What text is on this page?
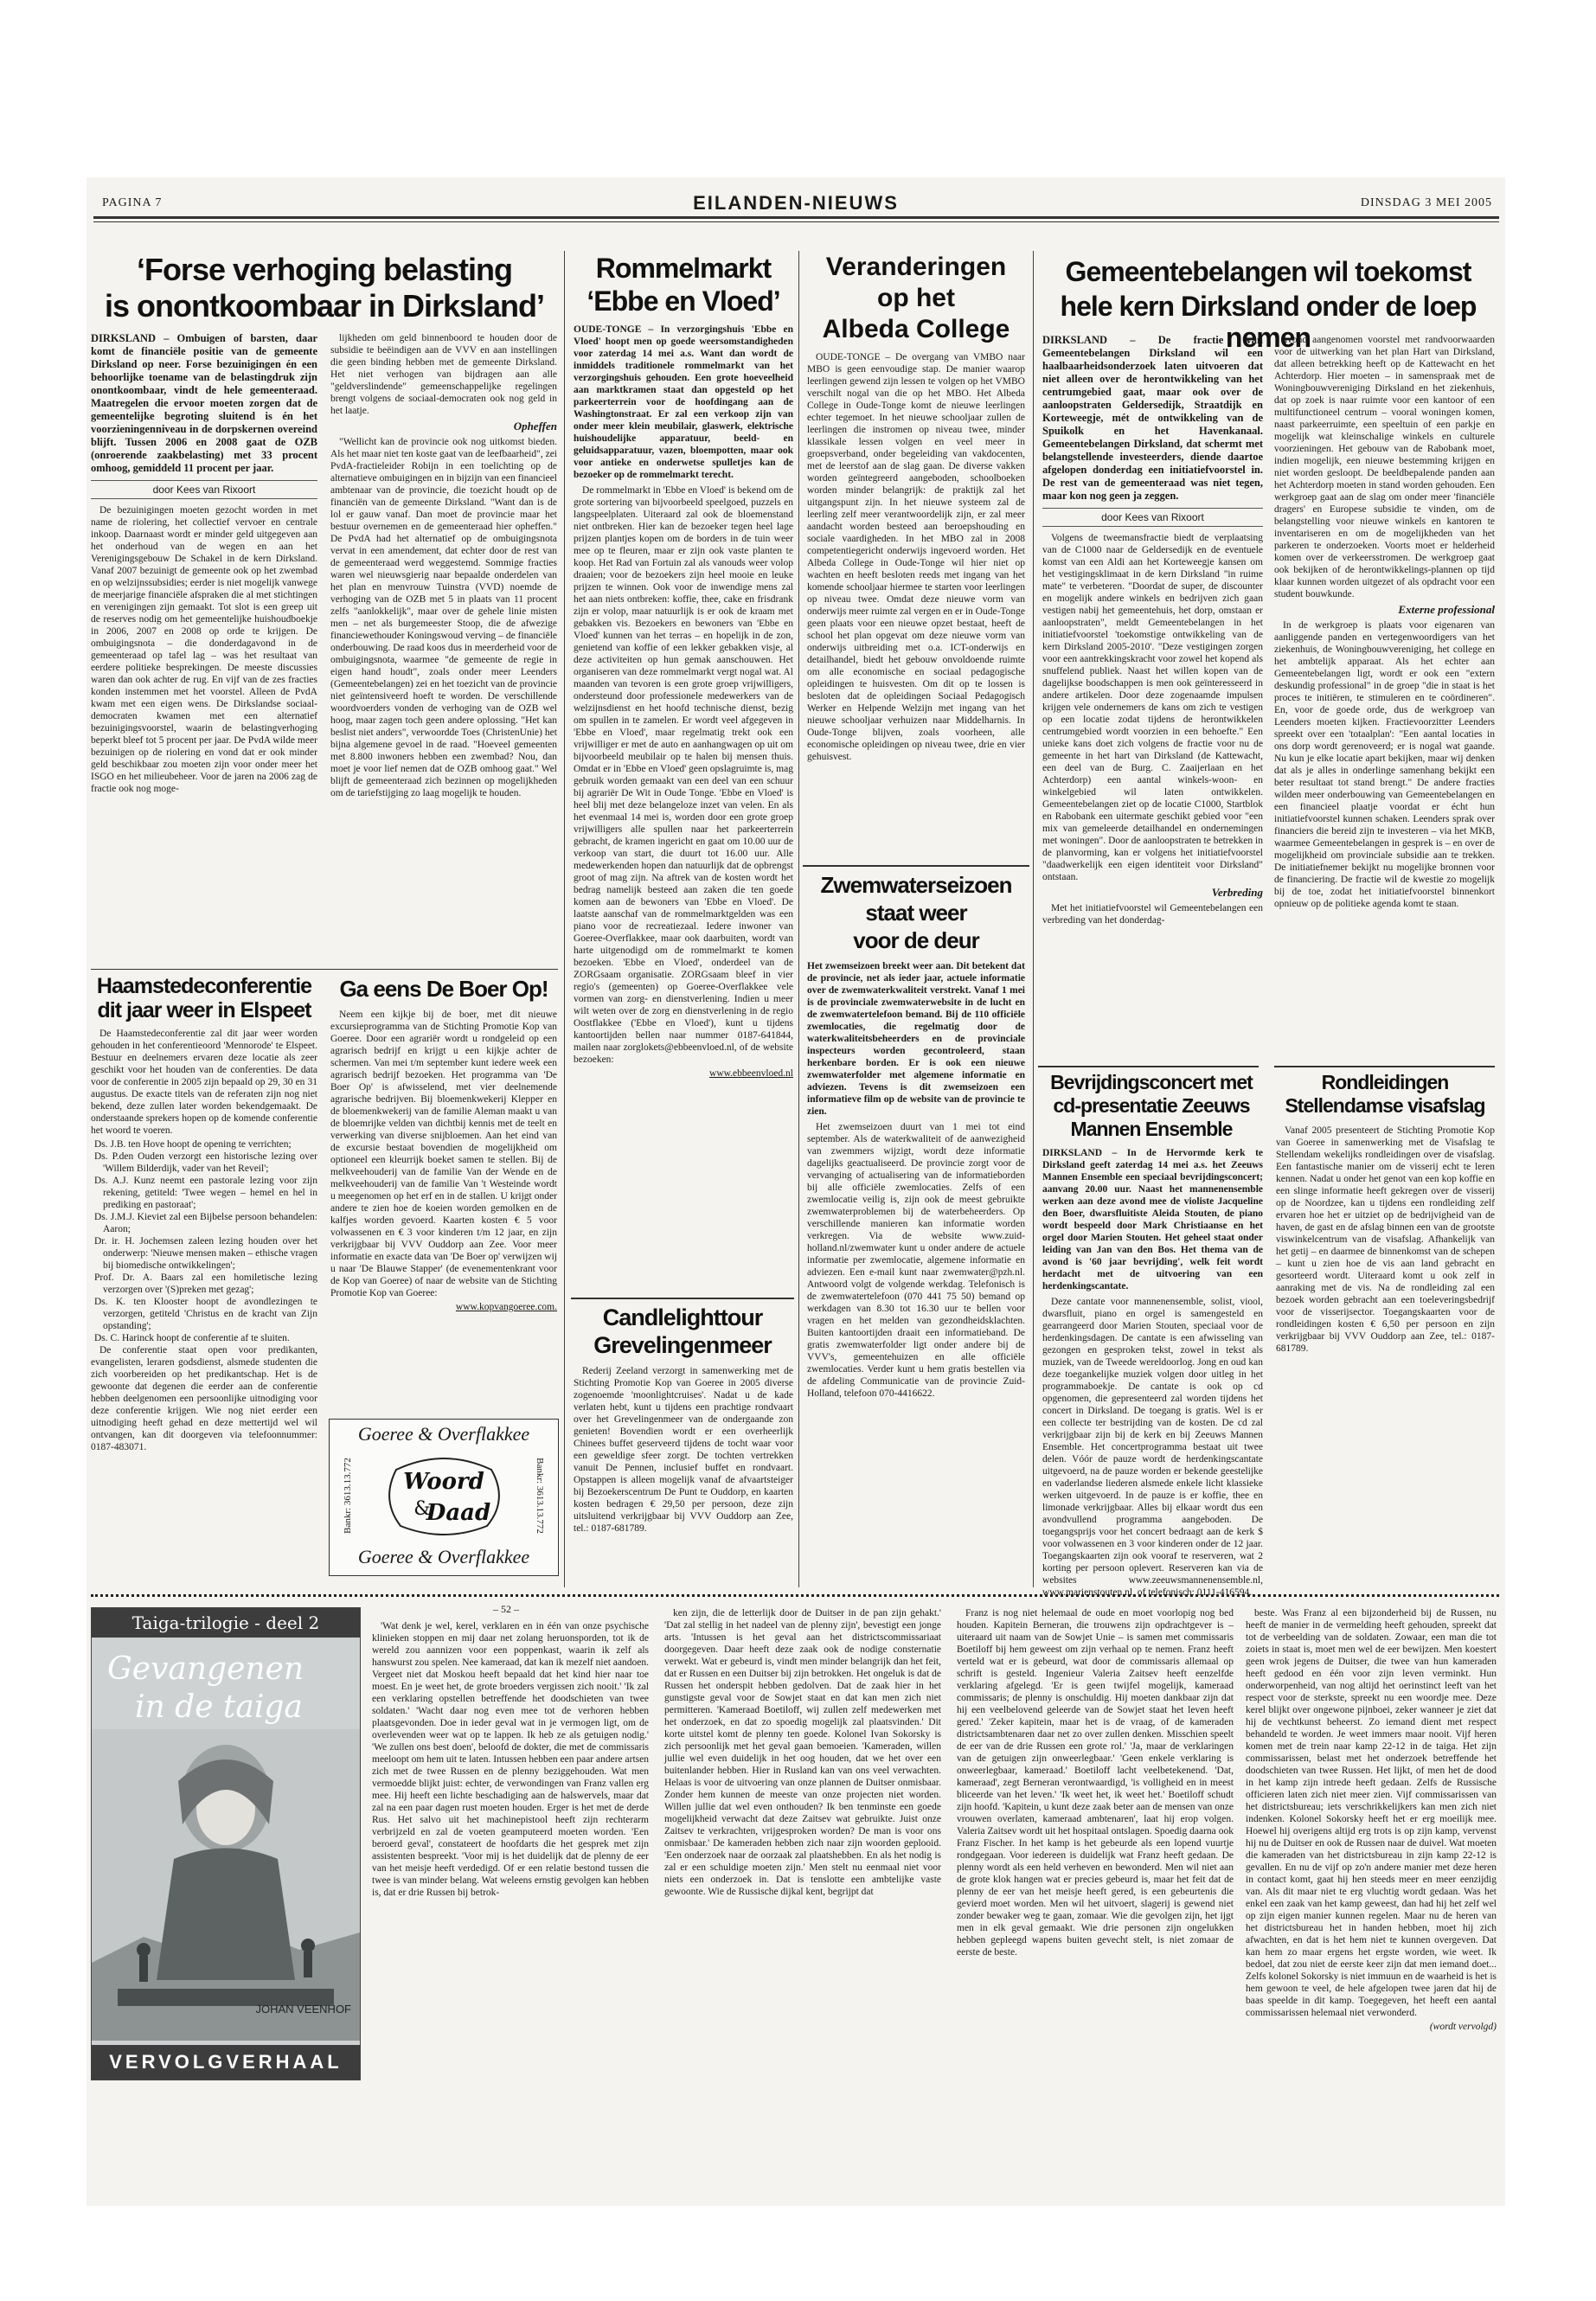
PAGINA 7	EILANDEN-NIEUWS	DINSDAG 3 MEI 2005
‘Forse verhoging belasting
is onontkoombaar in Dirksland’
DIRKSLAND – Ombuigen of barsten, daar komt de financiële positie van de gemeente Dirksland op neer. Forse bezuinigingen én een behoorlijke toename van de belastingdruk zijn onontkoombaar, vindt de hele gemeenteraad. Maatregelen die ervoor moeten zorgen dat de gemeentelijke begroting sluitend is én het voorzieningenniveau in de dorpskernen overeind blijft. Tussen 2006 en 2008 gaat de OZB (onroerende zaakbelasting) met 33 procent omhoog, gemiddeld 11 procent per jaar.
door Kees van Rixoort

De bezuinigingen moeten gezocht worden in met name de riolering, het collectief vervoer en centrale inkoop. Daarnaast wordt er minder geld uitgegeven aan het onderhoud van de wegen en aan het Verenigingsgebouw De Schakel in de kern Dirksland. Vanaf 2007 bezuinigt de gemeente ook op het zwembad en op welzijnssubsidies; eerder is niet mogelijk vanwege de meerjarige financiële afspraken die al met stichtingen en verenigingen zijn gemaakt. Tot slot is een greep uit de reserves nodig om het gemeentelijke huishoudboekje in 2006, 2007 en 2008 op orde te krijgen. De ombuigingsnota – die donderdagavond in de gemeenteraad op tafel lag – was het resultaat van eerdere politieke besprekingen. De meeste discussies waren dan ook achter de rug. En vijf van de zes fracties konden instemmen met het voorstel. Alleen de PvdA kwam met een eigen wens. De Dirkslandse sociaal-democraten kwamen met een alternatief bezuinigingsvoorstel, waarin de belastingverhoging beperkt bleef tot 5 procent per jaar. De PvdA wilde meer bezuinigen op de riolering en vond dat er ook minder geld beschikbaar zou moeten zijn voor onder meer het ISGO en het milieubeheer. Voor de jaren na 2006 zag de fractie ook nog moge-

lijkheden om geld binnenboord te houden door de subsidie te beëindigen aan de VVV en aan instellingen die geen binding hebben met de gemeente Dirksland. Het niet verhogen van bijdragen aan alle "geldverslindende" gemeenschappelijke regelingen brengt volgens de sociaal-democraten ook nog geld in het laatje.

Opheffen

"Wellicht kan de provincie ook nog uitkomst bieden. Als het maar niet ten koste gaat van de leefbaarheid", zei PvdA-fractieleider Robijn in een toelichting op de alternatieve ombuigingen en in bijzijn van een financieel ambtenaar van de provincie, die toezicht houdt op de financiën van de gemeente Dirksland. "Want dan is de lol er gauw vanaf. Dan moet de provincie maar het bestuur overnemen en de gemeenteraad hier opheffen." De PvdA had het alternatief op de ombuigingsnota vervat in een amendement, dat echter door de rest van de gemeenteraad werd weggestemd. Sommige fracties waren wel nieuwsgierig naar bepaalde onderdelen van het plan en menvrouw Tuinstra (VVD) noemde de verhoging van de OZB met 5 in plaats van 11 procent zelfs "aanlokkelijk", maar over de gehele linie misten men – net als burgemeester Stoop, die de afwezige financiewethouder Koningswoud verving – de financiële onderbouwing. De raad koos dus in meerderheid voor de ombuigingsnota, waarmee "de gemeente de regie in eigen hand houdt", zoals onder meer Leenders (Gemeentebelangen) zei en het toezicht van de provincie niet geïntensiveerd hoeft te worden. De verschillende woordvoerders vonden de verhoging van de OZB wel hoog, maar zagen toch geen andere oplossing. "Het kan beslist niet anders", verwoordde Toes (ChristenUnie) het bijna algemene gevoel in de raad. "Hoeveel gemeenten met 8.800 inwoners hebben een zwembad? Nou, dan moet je voor lief nemen dat de OZB omhoog gaat." Wel blijft de gemeenteraad zich bezinnen op mogelijkheden om de tariefstijging zo laag mogelijk te houden.

Rommelmarkt
‘Ebbe en Vloed’
OUDE-TONGE – In verzorgingshuis 'Ebbe en Vloed' hoopt men op goede weersomstandigheden voor zaterdag 14 mei a.s. Want dan wordt de inmiddels traditionele rommelmarkt van het verzorgingshuis gehouden. Een grote hoeveelheid aan marktkramen staat dan opgesteld op het parkeerterrein voor de hoofdingang aan de Washingtonstraat. Er zal een verkoop zijn van onder meer klein meubilair, glaswerk, elektrische huishoudelijke apparatuur, beeld- en geluidsapparatuur, vazen, bloempotten, maar ook voor antieke en onderwetse spulletjes kan de bezoeker op de rommelmarkt terecht.

De rommelmarkt in 'Ebbe en Vloed' is bekend om de grote sortering van bijvoorbeeld speelgoed, puzzels en langspeelplaten. Uiteraard zal ook de bloemenstand niet ontbreken. Hier kan de bezoeker tegen heel lage prijzen plantjes kopen om de borders in de tuin weer mee op te fleuren, maar er zijn ook vaste planten te koop. Het Rad van Fortuin zal als vanouds weer volop draaien; voor de bezoekers zijn heel mooie en leuke prijzen te winnen. Ook voor de inwendige mens zal het aan niets ontbreken: koffie, thee, cake en frisdrank zijn er volop, maar natuurlijk is er ook de kraam met gebakken vis. Bezoekers en bewoners van 'Ebbe en Vloed' kunnen van het terras – en hopelijk in de zon, genietend van koffie of een lekker gebakken visje, al deze activiteiten op hun gemak aanschouwen. Het organiseren van deze rommelmarkt vergt nogal wat. Al maanden van tevoren is een grote groep vrijwilligers, ondersteund door professionele medewerkers van de welzijnsdienst en het hoofd technische dienst, bezig om spullen in te zamelen. Er wordt veel afgegeven in 'Ebbe en Vloed', maar regelmatig trekt ook een vrijwilliger er met de auto en aanhangwagen op uit om bijvoorbeeld meubilair op te halen bij mensen thuis. Omdat er in 'Ebbe en Vloed' geen opslagruimte is, mag gebruik worden gemaakt van een deel van een schuur bij agrariër De Wit in Oude Tonge. 'Ebbe en Vloed' is heel blij met deze belangeloze inzet van velen. En als het evenmaal 14 mei is, worden door een grote groep vrijwilligers alle spullen naar het parkeerterrein gebracht, de kramen ingericht en gaat om 10.00 uur de verkoop van start, die duurt tot 16.00 uur. Alle medewerkenden hopen dan natuurlijk dat de opbrengst groot of mag zijn. Na aftrek van de kosten wordt het bedrag namelijk besteed aan zaken die ten goede komen aan de bewoners van 'Ebbe en Vloed'. De laatste aanschaf van de rommelmarktgelden was een piano voor de recreatiezaal. Iedere inwoner van Goeree-Overflakkee, maar ook daarbuiten, wordt van harte uitgenodigd om de rommelmarkt te komen bezoeken. 'Ebbe en Vloed', onderdeel van de ZORGsaam organisatie. ZORGsaam bleef in vier regio's (gemeenten) op Goeree-Overflakkee vele vormen van zorg- en dienstverlening. Indien u meer wilt weten over de zorg en dienstverlening in de regio Oostflakkee ('Ebbe en Vloed'), kunt u tijdens kantoortijden bellen naar nummer 0187-641844, mailen naar zorglokets@ebbeenvloed.nl, of de website bezoeken:

www.ebbeenvloed.nl
Veranderingen
op het
Albeda College

OUDE-TONGE – De overgang van VMBO naar MBO is geen eenvoudige stap. De manier waarop leerlingen gewend zijn lessen te volgen op het VMBO verschilt nogal van die op het MBO. Het Albeda College in Oude-Tonge komt de nieuwe leerlingen echter tegemoet. In het nieuwe schooljaar zullen de leerlingen die instromen op niveau twee, minder klassikale lessen volgen en veel meer in groepsverband, onder begeleiding van vakdocenten, met de leerstof aan de slag gaan. De diverse vakken worden geïntegreerd aangeboden, schoolboeken worden minder belangrijk: de praktijk zal het uitgangspunt zijn. In het nieuwe systeem zal de leerling zelf meer verantwoordelijk zijn, er zal meer aandacht worden besteed aan beroepshouding en sociale vaardigheden. In het MBO zal in 2008 competentiegericht onderwijs ingevoerd worden. Het Albeda College in Oude-Tonge wil hier niet op wachten en heeft besloten reeds met ingang van het komende schooljaar hiermee te starten voor leerlingen op niveau twee. Omdat deze nieuwe vorm van onderwijs meer ruimte zal vergen en er in Oude-Tonge geen plaats voor een nieuwe opzet bestaat, heeft de school het plan opgevat om deze nieuwe vorm van onderwijs uitbreiding met o.a. ICT-onderwijs en detailhandel, biedt het gebouw onvoldoende ruimte om alle economische en sociaal pedagogische opleidingen te huisvesten. Om dit op te lossen is besloten dat de opleidingen Sociaal Pedagogisch Werker en Helpende Welzijn met ingang van het nieuwe schooljaar verhuizen naar Middelharnis. In Oude-Tonge blijven, zoals voorheen, alle economische opleidingen op niveau twee, drie en vier gehuisvest.

Gemeentebelangen wil toekomst
hele kern Dirksland onder de loep nemen
DIRKSLAND – De fractie van Gemeentebelangen Dirksland wil een haalbaarheidsonderzoek laten uitvoeren dat niet alleen over de herontwikkeling van het centrumgebied gaat, maar ook over de aanloopstraten Geldersedijk, Straatdijk en Korteweegje, mét de ontwikkeling van de Spuikolk en het Havenkanaal. Gemeentebelangen Dirksland, dat schermt met belangstellende investeerders, diende daartoe afgelopen donderdag een initiatiefvoorstel in. De rest van de gemeenteraad was niet tegen, maar kon nog geen ja zeggen.
door Kees van Rixoort

Volgens de tweemansfractie biedt de verplaatsing van de C1000 naar de Geldersedijk en de eventuele komst van een Aldi aan het Korteweegje kansen om het vestigingsklimaat in de kern Dirksland "in ruime mate" te verbeteren. "Doordat de super, de discounter en mogelijk andere winkels en bedrijven zich gaan vestigen nabij het gemeentehuis, het dorp, omstaan er aanloopstraten", meldt Gemeentebelangen in het initiatiefvoorstel 'toekomstige ontwikkeling van de kern Dirksland 2005-2010'. "Deze vestigingen zorgen voor een aantrekkingskracht voor zowel het kopend als snuffelend publiek. Naast het willen kopen van de dagelijkse boodschappen is men ook geïnteresseerd in andere artikelen. Door deze zogenaamde impulsen krijgen vele ondernemers de kans om zich te vestigen op een locatie zodat tijdens de herontwikkelen centrumgebied wordt voorzien in een behoefte." Een unieke kans doet zich volgens de fractie voor nu de gemeente in het hart van Dirksland (de Kattewacht, een deel van de Burg. C. Zaaijerlaan en het Achterdorp) een aantal winkels-woon- en winkelgebied wil laten ontwikkelen. Gemeentebelangen ziet op de locatie C1000, Startblok en Rabobank een uitermate geschikt gebied voor "een mix van gemeleerde detailhandel en ondernemingen met woningen". Door de aanloopstraten te betrekken in de planvorming, kan er volgens het initiatiefvoorstel "daadwerkelijk een eigen identiteit voor Dirksland" ontstaan.

Verbreding

Met het initiatiefvoorstel wil Gemeentebelangen een verbreding van het donderdag-

avond aangenomen voorstel met randvoorwaarden voor de uitwerking van het plan Hart van Dirksland, dat alleen betrekking heeft op de Kattewacht en het Achterdorp. Hier moeten – in samenspraak met de Woningbouwvereniging Dirksland en het ziekenhuis, dat op zoek is naar ruimte voor een kantoor of een multifunctioneel centrum – vooral woningen komen, naast parkeerruimte, een speeltuin of een parkje en mogelijk wat kleinschalige winkels en culturele voorzieningen. Het gebouw van de Rabobank moet, indien mogelijk, een nieuwe bestemming krijgen en niet worden gesloopt. De beeldbepalende panden aan het Achterdorp moeten in stand worden gehouden. Een werkgroep gaat aan de slag om onder meer 'financiële dragers' en Europese subsidie te vinden, om de belangstelling voor nieuwe winkels en kantoren te inventariseren en om de mogelijkheden van het parkeren te onderzoeken. Voorts moet er helderheid komen over de verkeersstromen. De werkgroep gaat ook bekijken of de herontwikkelings-plannen op tijd klaar kunnen worden uitgezet of als opdracht voor een student bouwkunde.

Externe professional

In de werkgroep is plaats voor eigenaren van aanliggende panden en vertegenwoordigers van het ziekenhuis, de Woningbouwvereniging, het college en het ambtelijk apparaat. Als het echter aan Gemeentebelangen ligt, wordt er ook een "extern deskundig professional" in de groep "die in staat is het proces te initiëren, te stimuleren en te coördineren". En, voor de goede orde, dus de werkgroep van Leenders moeten kijken. Fractievoorzitter Leenders spreekt over een 'totaalplan': "Een aantal locaties in ons dorp wordt gerenoveerd; er is nogal wat gaande. Nu kun je elke locatie apart bekijken, maar wij denken dat als je alles in onderlinge samenhang bekijkt een beter resultaat tot stand brengt." De andere fracties wilden meer onderbouwing van Gemeentebelangen en een financieel plaatje voordat er écht hun initiatiefvoorstel kunnen schaken. Leenders sprak over financiers die bereid zijn te investeren – via het MKB, waarmee Gemeentebelangen in gesprek is – en over de mogelijkheid om provinciale subsidie aan te trekken. De initiatiefnemer bekijkt nu mogelijke bronnen voor de financiering. De fractie wil de kwestie zo mogelijk bij de toe, zodat het initiatiefvoorstel binnenkort opnieuw op de politieke agenda komt te staan.

Haamstedeconferentie
dit jaar weer in Elspeet

De Haamstedeconferentie zal dit jaar weer worden gehouden in het conferentieoord 'Mennorode' te Elspeet. Bestuur en deelnemers ervaren deze locatie als zeer geschikt voor het houden van de conferenties. De data voor de conferentie in 2005 zijn bepaald op 29, 30 en 31 augustus. De exacte titels van de referaten zijn nog niet bekend, deze zullen later worden bekendgemaakt. De onderstaande sprekers hopen op de komende conferentie het woord te voeren.

Ds. J.B. ten Hove hoopt de opening te verrichten;
Ds. P.den Ouden verzorgt een historische lezing over 'Willem Bilderdijk, vader van het Reveil';
Ds. A.J. Kunz neemt een pastorale lezing voor zijn rekening, getiteld: 'Twee wegen – hemel en hel in prediking en pastoraat';
Ds. J.M.J. Kieviet zal een Bijbelse persoon behandelen: Aaron;
Dr. ir. H. Jochemsen zaleen lezing houden over het onderwerp: 'Nieuwe mensen maken – ethische vragen bij biomedische ontwikkelingen';
Prof. Dr. A. Baars zal een homiletische lezing verzorgen over '(S)preken met gezag';
Ds. K. ten Klooster hoopt de avondlezingen te verzorgen, getiteld 'Christus en de kracht van Zijn opstanding';
Ds. C. Harinck hoopt de conferentie af te sluiten.

De conferentie staat open voor predikanten, evangelisten, leraren godsdienst, alsmede studenten die zich voorbereiden op het predikantschap. Het is de gewoonte dat degenen die eerder aan de conferentie hebben deelgenomen een persoonlijke uitnodiging voor deze conferentie krijgen. Wie nog niet eerder een uitnodiging heeft gehad en deze mettertijd wel wil ontvangen, kan dit doorgeven via telefoonnummer: 0187-483071.

Ga eens De Boer Op!

Neem een kijkje bij de boer, met dit nieuwe excursieprogramma van de Stichting Promotie Kop van Goeree. Door een agrariër wordt u rondgeleid op een agrarisch bedrijf en krijgt u een kijkje achter de schermen. Van mei t/m september kunt iedere week een agrarisch bedrijf bezoeken. Het programma van 'De Boer Op' is afwisselend, met vier deelnemende agrarische bedrijven. Bij bloemenkwekerij Klepper en de bloemenkwekerij van de familie Aleman maakt u van de bloemrijke velden van dichtbij kennis met de teelt en verwerking van diverse snijbloemen. Aan het eind van de excursie bestaat bovendien de mogelijkheid om optioneel een kleurrijk boeket samen te stellen. Bij de melkveehouderij van de familie Van der Wende en de melkveehouderij van de familie Van 't Westeinde wordt u meegenomen op het erf en in de stallen. U krijgt onder andere te zien hoe de koeien worden gemolken en de kalfjes worden gevoerd. Kaarten kosten € 5 voor volwassenen en € 3 voor kinderen t/m 12 jaar, en zijn verkrijgbaar bij VVV Ouddorp aan Zee. Voor meer informatie en exacte data van 'De Boer op' verwijzen wij u naar 'De Blauwe Stapper' (de evenementenkrant voor de Kop van Goeree) of naar de website van de Stichting Promotie Kop van Goeree:

www.kopvangoeree.com.
Goeree & Overflakkee
Bankr: 3613.13.772	Bankr: 3613.13.772
Woord
&
Daad
Goeree & Overflakkee
Zwemwaterseizoen
staat weer
voor de deur
Het zwemseizoen breekt weer aan. Dit betekent dat de provincie, net als ieder jaar, actuele informatie over de zwemwaterkwaliteit verstrekt. Vanaf 1 mei is de provinciale zwemwaterwebsite in de lucht en de zwemwatertelefoon bemand. Bij de 110 officiële zwemlocaties, die regelmatig door de waterkwaliteitsbeheerders en de provinciale inspecteurs worden gecontroleerd, staan herkenbare borden. Er is ook een nieuwe zwemwaterfolder met algemene informatie en adviezen. Tevens is dit zwemseizoen een informatieve film op de website van de provincie te zien.

Het zwemseizoen duurt van 1 mei tot eind september. Als de waterkwaliteit of de aanwezigheid van zwemmers wijzigt, wordt deze informatie dagelijks geactualiseerd. De provincie zorgt voor de vervanging of actualisering van de informatieborden bij alle officiële zwemlocaties. Zelfs of een zwemlocatie veilig is, zijn ook de meest gebruikte zwemwaterproblemen bij de waterbeheerders. Op verschillende manieren kan informatie worden verkregen. Via de website www.zuid-holland.nl/zwemwater kunt u onder andere de actuele informatie per zwemlocatie, algemene informatie en adviezen. Een e-mail kunt naar zwemwater@pzh.nl. Antwoord volgt de volgende werkdag. Telefonisch is de zwemwatertelefoon (070 441 75 50) bemand op werkdagen van 8.30 tot 16.30 uur te bellen voor vragen en het melden van gezondheidsklachten. Buiten kantoortijden draait een informatieband. De gratis zwemwaterfolder ligt onder andere bij de VVV's, gemeentehuizen en alle officiële zwemlocaties. Verder kunt u hem gratis bestellen via de afdeling Communicatie van de provincie Zuid-Holland, telefoon 070-4416622.

Candlelighttour
Grevelingenmeer

Rederij Zeeland verzorgt in samenwerking met de Stichting Promotie Kop van Goeree in 2005 diverse zogenoemde 'moonlightcruises'. Nadat u de kade verlaten hebt, kunt u tijdens een prachtige rondvaart over het Grevelingenmeer van de ondergaande zon genieten! Bovendien wordt er een overheerlijk Chinees buffet geserveerd tijdens de tocht waar voor een geweldige sfeer zorgt. De tochten vertrekken vanuit De Pennen, inclusief buffet en rondvaart. Opstappen is alleen mogelijk vanaf de afvaartsteiger bij Bezoekerscentrum De Punt te Ouddorp, en kaarten kosten bedragen € 29,50 per persoon, deze zijn uitsluitend verkrijgbaar bij VVV Ouddorp aan Zee, tel.: 0187-681789.

Bevrijdingsconcert met
cd-presentatie Zeeuws
Mannen Ensemble
DIRKSLAND – In de Hervormde kerk te Dirksland geeft zaterdag 14 mei a.s. het Zeeuws Mannen Ensemble een speciaal bevrijdingsconcert; aanvang 20.00 uur. Naast het mannenensemble werken aan deze avond mee de violiste Jacqueline den Boer, dwarsfluitiste Aleida Stouten, de piano wordt bespeeld door Mark Christiaanse en het orgel door Marien Stouten. Het geheel staat onder leiding van Jan van den Bos. Het thema van de avond is '60 jaar bevrijding', welk feit wordt herdacht met de uitvoering van een herdenkingscantate.

Deze cantate voor mannenensemble, solist, viool, dwarsfluit, piano en orgel is samengesteld en gearrangeerd door Marien Stouten, speciaal voor de herdenkingsdagen. De cantate is een afwisseling van gezongen en gesproken tekst, zowel in tekst als muziek, van de Tweede wereldoorlog. Jong en oud kan deze toegankelijke muziek volgen door uitleg in het programmaboekje. De cantate is ook op cd opgenomen, die gepresenteerd zal worden tijdens het concert in Dirksland. De toegang is gratis. Wel is er een collecte ter bestrijding van de kosten. De cd zal verkrijgbaar zijn bij de kerk en bij Zeeuws Mannen Ensemble. Het concertprogramma bestaat uit twee delen. Vóór de pauze wordt de herdenkingscantate uitgevoerd, na de pauze worden er bekende geestelijke en vaderlandse liederen alsmede enkele licht klassieke werken uitgevoerd. In de pauze is er koffie, thee en limonade verkrijgbaar. Alles bij elkaar wordt dus een avondvullend programma aangeboden. De toegangsprijs voor het concert bedraagt aan de kerk $ voor volwassenen en 3 voor kinderen onder de 12 jaar. Toegangskaarten zijn ook vooraf te reserveren, wat 2 korting per persoon oplevert. Reserveren kan via de websites www.zeeuwsmannenensemble.nl, www.marienstouten.nl, of telefonisch: 0111-416594.

Rondleidingen
Stellendamse visafslag

Vanaf 2005 presenteert de Stichting Promotie Kop van Goeree in samenwerking met de Visafslag te Stellendam wekelijks rondleidingen over de visafslag. Een fantastische manier om de visserij echt te leren kennen. Nadat u onder het genot van een kop koffie en een slinge informatie heeft gekregen over de visserij op de Noordzee, kan u tijdens een rondleiding zelf ervaren hoe het er uitziet op de bedrijvigheid van de haven, de gast en de afslag binnen een van de grootste viswinkelcentrum van de visafslag. Afhankelijk van het getij – en daarmee de binnenkomst van de schepen – kunt u zien hoe de vis aan land gebracht en gesorteerd wordt. Uiteraard komt u ook zelf in aanraking met de vis. Na de rondleiding zal een bezoek worden gebracht aan een toeleveringsbedrijf voor de visserijsector. Toegangskaarten voor de rondleidingen kosten € 6,50 per persoon en zijn verkrijgbaar bij VVV Ouddorp aan Zee, tel.: 0187-681789.

Taiga-trilogie - deel 2
Gevangenen
in de taiga
JOHAN VEENHOF
VERVOLGVERHAAL
– 52 –

'Wat denk je wel, kerel, verklaren en in één van onze psychische klinieken stoppen en mij daar net zolang heruonsporden, tot ik de wereld zou aannizen voor een poppenkast, waarin ik zelf als hanswurst zou spelen. Nee kameraad, dat kan ik mezelf niet aandoen. Vergeet niet dat Moskou heeft bepaald dat het kind hier naar toe moest. En je weet het, de grote broeders vergissen zich nooit.' 'Ik zal een verklaring opstellen betreffende het doodschieten van twee soldaten.' 'Wacht daar nog even mee tot de verhoren hebben plaatsgevonden. Doe in ieder geval wat in je vermogen ligt, om de overlevenden weer wat op te lappen. Ik heb ze als getuigen nodig.' 'We zullen ons best doen', beloofd de dokter, die met de commissaris meeloopt om hem uit te laten. Intussen hebben een paar andere artsen zich met de twee Russen en de plenny beziggehouden. Wat men vermoedde blijkt juist: echter, de verwondingen van Franz vallen erg mee. Hij heeft een lichte beschadiging aan de halswervels, maar dat zal na een paar dagen rust moeten houden. Erger is het met de derde Rus. Het salvo uit het machinepistool heeft zijn rechterarm verbrijzeld en zal de voeten geamputeerd moeten worden. 'Een beroerd geval', constateert de hoofdarts die het gesprek met zijn assistenten bespreekt. 'Voor mij is het duidelijk dat de plenny de eer van het meisje heeft verdedigd. Of er een relatie bestond tussen die twee is van minder belang. Wat weleens ernstig gevolgen kan hebben is, dat er drie Russen bij betrok-

ken zijn, die de letterlijk door de Duitser in de pan zijn gehakt.' 'Dat zal stellig in het nadeel van de plenny zijn', bevestigt een jonge arts. 'Intussen is het geval aan het districtscommissariaat doorgegeven. Daar heeft deze zaak ook de nodige consternatie verwekt. Wat er gebeurd is, vindt men minder belangrijk dan het feit, dat er Russen en een Duitser bij zijn betrokken. Het ongeluk is dat de Russen het onderspit hebben gedolven. Dat de zaak hier in het gunstigste geval voor de Sowjet staat en dat kan men zich niet permitteren. 'Kameraad Boetiloff, wij zullen zelf medewerken met het onderzoek, en dat zo spoedig mogelijk zal plaatsvinden.' Dit korte uitstel komt de plenny ten goede. Kolonel Ivan Sokorsky is zich persoonlijk met het geval gaan bemoeien. 'Kameraden, willen jullie wel even duidelijk in het oog houden, dat we het over een buitenlander hebben. Hier in Rusland kan van ons veel verwachten. Helaas is voor de uitvoering van onze plannen de Duitser onmisbaar. Zonder hem kunnen de meeste van onze projecten niet worden. Willen jullie dat wel even onthouden? Ik ben tenminste een goede mogelijkheid verwacht dat deze Zaitsev wat gebruikte. Juist onze Zaitsev te verkrachten, vrijgesproken worden? De man is voor ons onmisbaar.' De kameraden hebben zich naar zijn woorden geplooid. 'Een onderzoek naar de oorzaak zal plaatshebben. En als het nodig is zal er een schuldige moeten zijn.' Men stelt nu eenmaal niet voor niets een onderzoek in. Dat is tenslotte een ambtelijke vaste gewoonte. Wie de Russische dijkal kent, begrijpt dat

Franz is nog niet helemaal de oude en moet voorlopig nog bed houden. Kapitein Berneran, die trouwens zijn opdrachtgever is – uiteraard uit naam van de Sowjet Unie – is samen met commissaris Boetiloff bij hem geweest om zijn verhaal op te nemen. Franz heeft verteld wat er is gebeurd, wat door de commissaris allemaal op schrift is gesteld. Ingenieur Valeria Zaitsev heeft eenzelfde verklaring afgelegd. 'Er is geen twijfel mogelijk, kameraad commissaris; de plenny is onschuldig. Hij moeten dankbaar zijn dat hij een veelbelovend geleerde van de Sowjet staat het leven heeft gered.' 'Zeker kapitein, maar het is de vraag, of de kameraden districtsambtenaren daar net zo over zullen denken. Misschien speelt de eer van de drie Russen een grote rol.' 'Ja, maar de verklaringen van de getuigen zijn onweerlegbaar.' 'Geen enkele verklaring is onweerlegbaar, kameraad.' Boetiloff lacht veelbetekenend. 'Dat, kameraad', zegt Berneran verontwaardigd, 'is volligheid en in meest bliceerde van het leven.' 'Ik weet het, ik weet het.' Boetiloff schudt zijn hoofd. 'Kapitein, u kunt deze zaak beter aan de mensen van onze vrouwen overlaten, kameraad ambtenaren', laat hij erop volgen. Valeria Zaitsev wordt uit het hospitaal ontslagen. Spoedig daarna ook Franz Fischer. In het kamp is het gebeurde als een lopend vuurtje rondgegaan. Voor iedereen is duidelijk wat Franz heeft gedaan. De plenny wordt als een held verheven en bewonderd. Men wil niet aan de grote klok hangen wat er precies gebeurd is, maar het feit dat de plenny de eer van het meisje heeft gered, is een gebeurtenis die gevierd moet worden. Men wil het uitvoert, slagerij is gewend niet zonder bewaker weg te gaan, zomaar. Wie die gevolgen zijn, het ijgt men in elk geval gemaakt. Wie drie personen zijn ongelukken hebben gepleegd wapens buiten gevecht stelt, is niet zomaar de eerste de beste.

beste. Was Franz al een bijzonderheid bij de Russen, nu heeft de manier in de vermelding heeft gehouden, spreekt dat tot de verbeelding van de soldaten. Zowaar, een man die tot zoiets in staat is, moet men wel de eer bewijzen. Men koestert geen wrok jegens de Duitser, die twee van hun kameraden heeft gedood en één voor zijn leven verminkt. Hun onderworpenheid, van nog altijd het oerinstinct leeft van het respect voor de sterkste, spreekt nu een woordje mee. Deze kerel blijkt over ongewone pijnboei, zeker wanneer je ziet dat hij de vechtkunst beheerst. Zo iemand dient met respect behandeld te worden. Je weet immers maar nooit. Vijf heren komen met de trein naar kamp 22-12 in de taiga. Het zijn commissarissen, belast met het onderzoek betreffende het doodschieten van twee Russen. Het lijkt, of men het de dood in het kamp zijn intrede heeft gedaan. Zelfs de Russische officieren laten zich niet meer zien. Vijf commissarissen van het districtsbureau; iets verschrikkelijkers kan men zich niet indenken. Kolonel Sokorsky heeft het er erg moeilijk mee. Hoewel hij overigens altijd erg trots is op zijn kamp, vervenst hij nu de Duitser en ook de Russen naar de duivel. Wat moeten die kameraden van het districtsbureau in zijn kamp 22-12 is gevallen. En nu de vijf op zo'n andere manier met deze heren in contact komt, gaat hij hen steeds meer en meer eenzijdig van. Als dit maar niet te erg vluchtig wordt gedaan. Was het enkel een zaak van het kamp geweest, dan had hij het zelf wel op zijn eigen manier kunnen regelen. Maar nu de heren van het districtsbureau het in handen hebben, moet hij zich afwachten, en dat is het hem niet te kunnen overgeven. Dat kan hem zo maar ergens het ergste worden, wie weet. Ik bedoel, dat zou niet de eerste keer zijn dat men iemand doet... Zelfs kolonel Sokorsky is niet immuun en de waarheid is het is hem gewoon te veel, de hele afgelopen twee jaren dat hij de baas speelde in dit kamp. Toegegeven, het heeft een aantal commissarissen helemaal niet verwonderd.

(wordt vervolgd)
